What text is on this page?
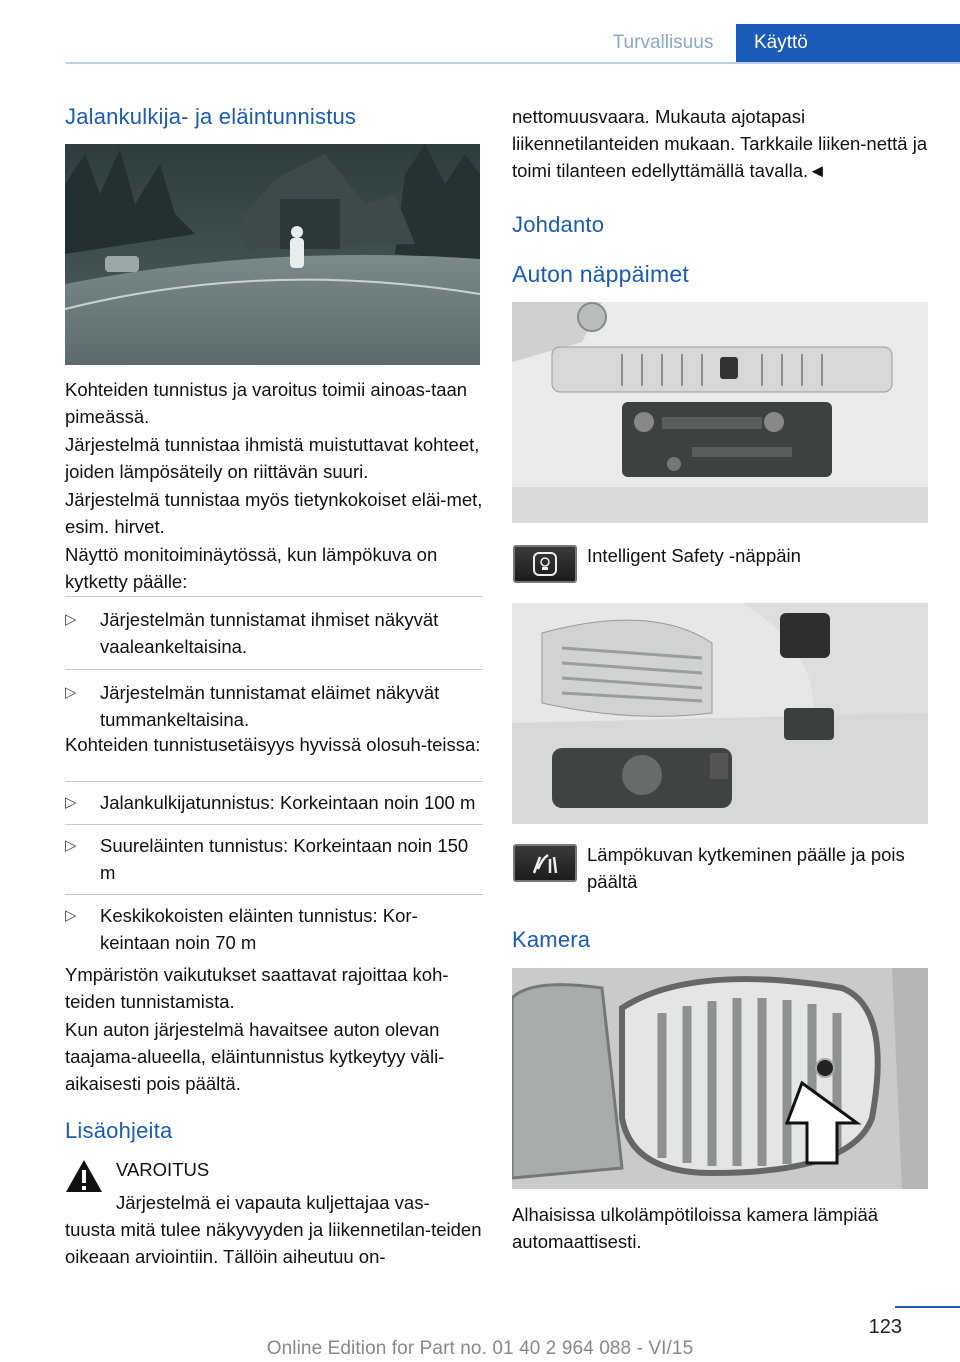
Turvallisuus	Käyttö
Jalankulkija- ja eläintunnistus

Kohteiden tunnistus ja varoitus toimii ainoas-taan pimeässä.

Järjestelmä tunnistaa ihmistä muistuttavat kohteet, joiden lämpösäteily on riittävän suuri.

Järjestelmä tunnistaa myös tietynkokoiset eläi-met, esim. hirvet.

Näyttö monitoiminäytössä, kun lämpökuva on kytketty päälle:

▷ Järjestelmän tunnistamat ihmiset näkyvät vaaleankeltaisina.
▷ Järjestelmän tunnistamat eläimet näkyvät tummankeltaisina.

Kohteiden tunnistusetäisyys hyvissä olosuh-teissa:

▷ Jalankulkijatunnistus: Korkeintaan noin 100 m
▷ Suureläinten tunnistus: Korkeintaan noin 150 m
▷ Keskikokoisten eläinten tunnistus: Kor-keintaan noin 70 m

Ympäristön vaikutukset saattavat rajoittaa koh-teiden tunnistamista.

Kun auton järjestelmä havaitsee auton olevan taajama-alueella, eläintunnistus kytkeytyy väli-aikaisesti pois päältä.

Lisäohjeita

VAROITUS

Järjestelmä ei vapauta kuljettajaa vas-

tuusta mitä tulee näkyvyyden ja liikennetilan-teiden oikeaan arviointiin. Tällöin aiheutuu on-

nettomuusvaara. Mukauta ajotapasi liikennetilanteiden mukaan. Tarkkaile liiken-nettä ja toimi tilanteen edellyttämällä tavalla.◄

Johdanto
Auton näppäimet

Intelligent Safety -näppäin

Lämpökuvan kytkeminen päälle ja pois päältä

Kamera

Alhaisissa ulkolämpötiloissa kamera lämpiää automaattisesti.

123
Online Edition for Part no. 01 40 2 964 088 - VI/15
